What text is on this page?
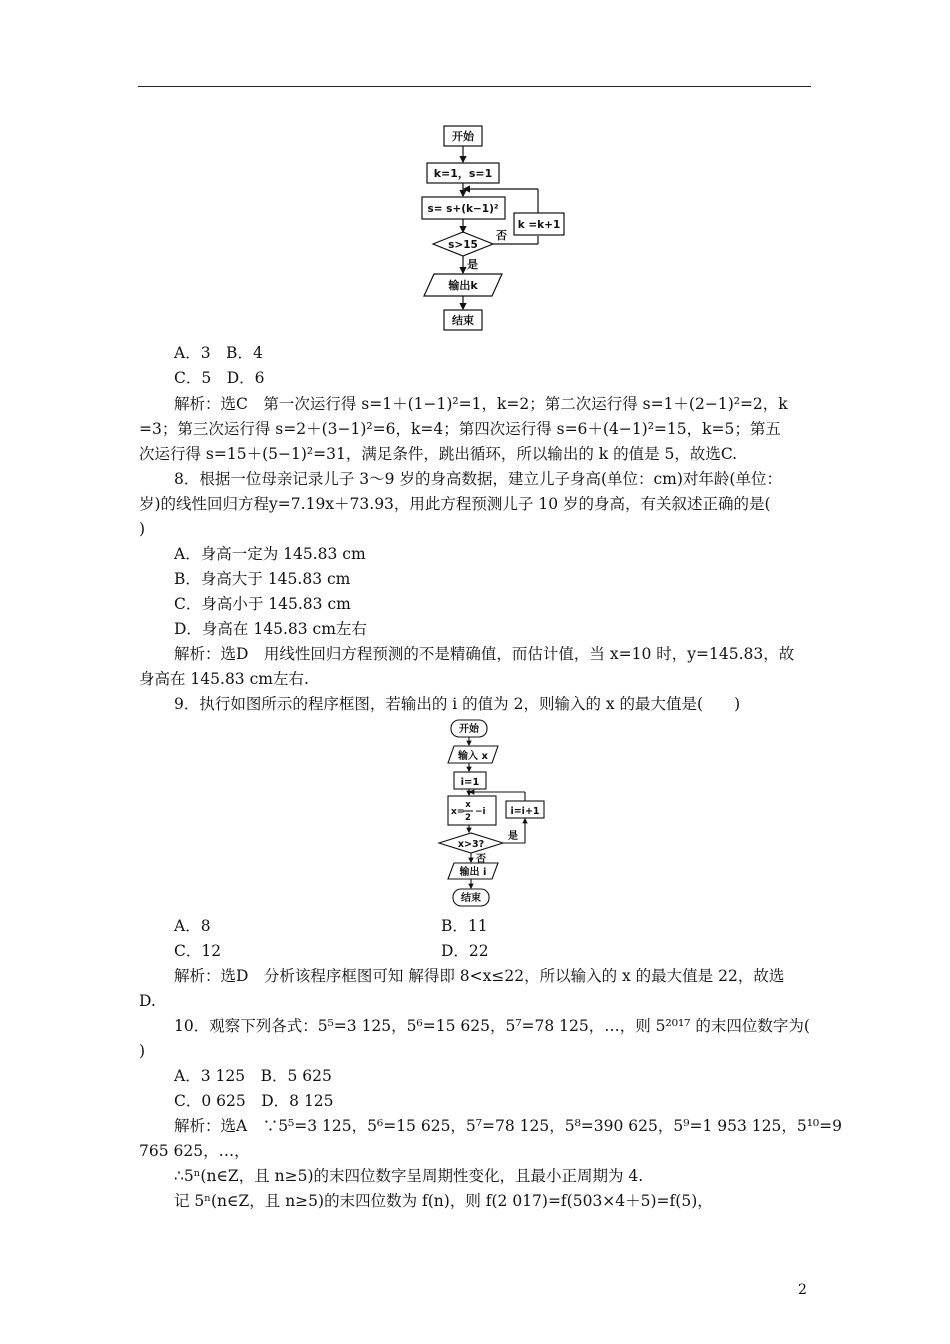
开始
k=1，s=1
s= s+(k−1)²
s>15
否
是
k =k+1
输出k
结束
A．3　B．4
C．5　D．6
解析：选C　第一次运行得 s=1＋(1−1)²=1，k=2；第二次运行得 s=1＋(2−1)²=2，k
=3；第三次运行得 s=2＋(3−1)²=6，k=4；第四次运行得 s=6＋(4−1)²=15，k=5；第五
次运行得 s=15＋(5−1)²=31，满足条件，跳出循环，所以输出的 k 的值是 5，故选C.
8．根据一位母亲记录儿子 3～9 岁的身高数据，建立儿子身高(单位：cm)对年龄(单位：
岁)的线性回归方程y=7.19x＋73.93，用此方程预测儿子 10 岁的身高，有关叙述正确的是(
)
A．身高一定为 145.83 cm
B．身高大于 145.83 cm
C．身高小于 145.83 cm
D．身高在 145.83 cm左右
解析：选D　用线性回归方程预测的不是精确值，而估计值，当 x=10 时，y=145.83，故
身高在 145.83 cm左右.
9．执行如图所示的程序框图，若输出的 i 的值为 2，则输入的 x 的最大值是(　　)
开始
输入 x
i=1
x=
x
2
−i
x>3?
是
否
i=i+1
输出 i
结束
A．8	B．11
C．12	D．22
解析：选D　分析该程序框图可知 解得即 8<x≤22，所以输入的 x 的最大值是 22，故选
D.
10．观察下列各式：5⁵=3 125，5⁶=15 625，5⁷=78 125，…，则 5²⁰¹⁷ 的末四位数字为(
)
A．3 125　B．5 625
C．0 625　D．8 125
解析：选A　∵5⁵=3 125，5⁶=15 625，5⁷=78 125，5⁸=390 625，5⁹=1 953 125，5¹⁰=9
765 625，…，
∴5ⁿ(n∈Z，且 n≥5)的末四位数字呈周期性变化，且最小正周期为 4.
记 5ⁿ(n∈Z，且 n≥5)的末四位数为 f(n)，则 f(2 017)=f(503×4＋5)=f(5)，
2
